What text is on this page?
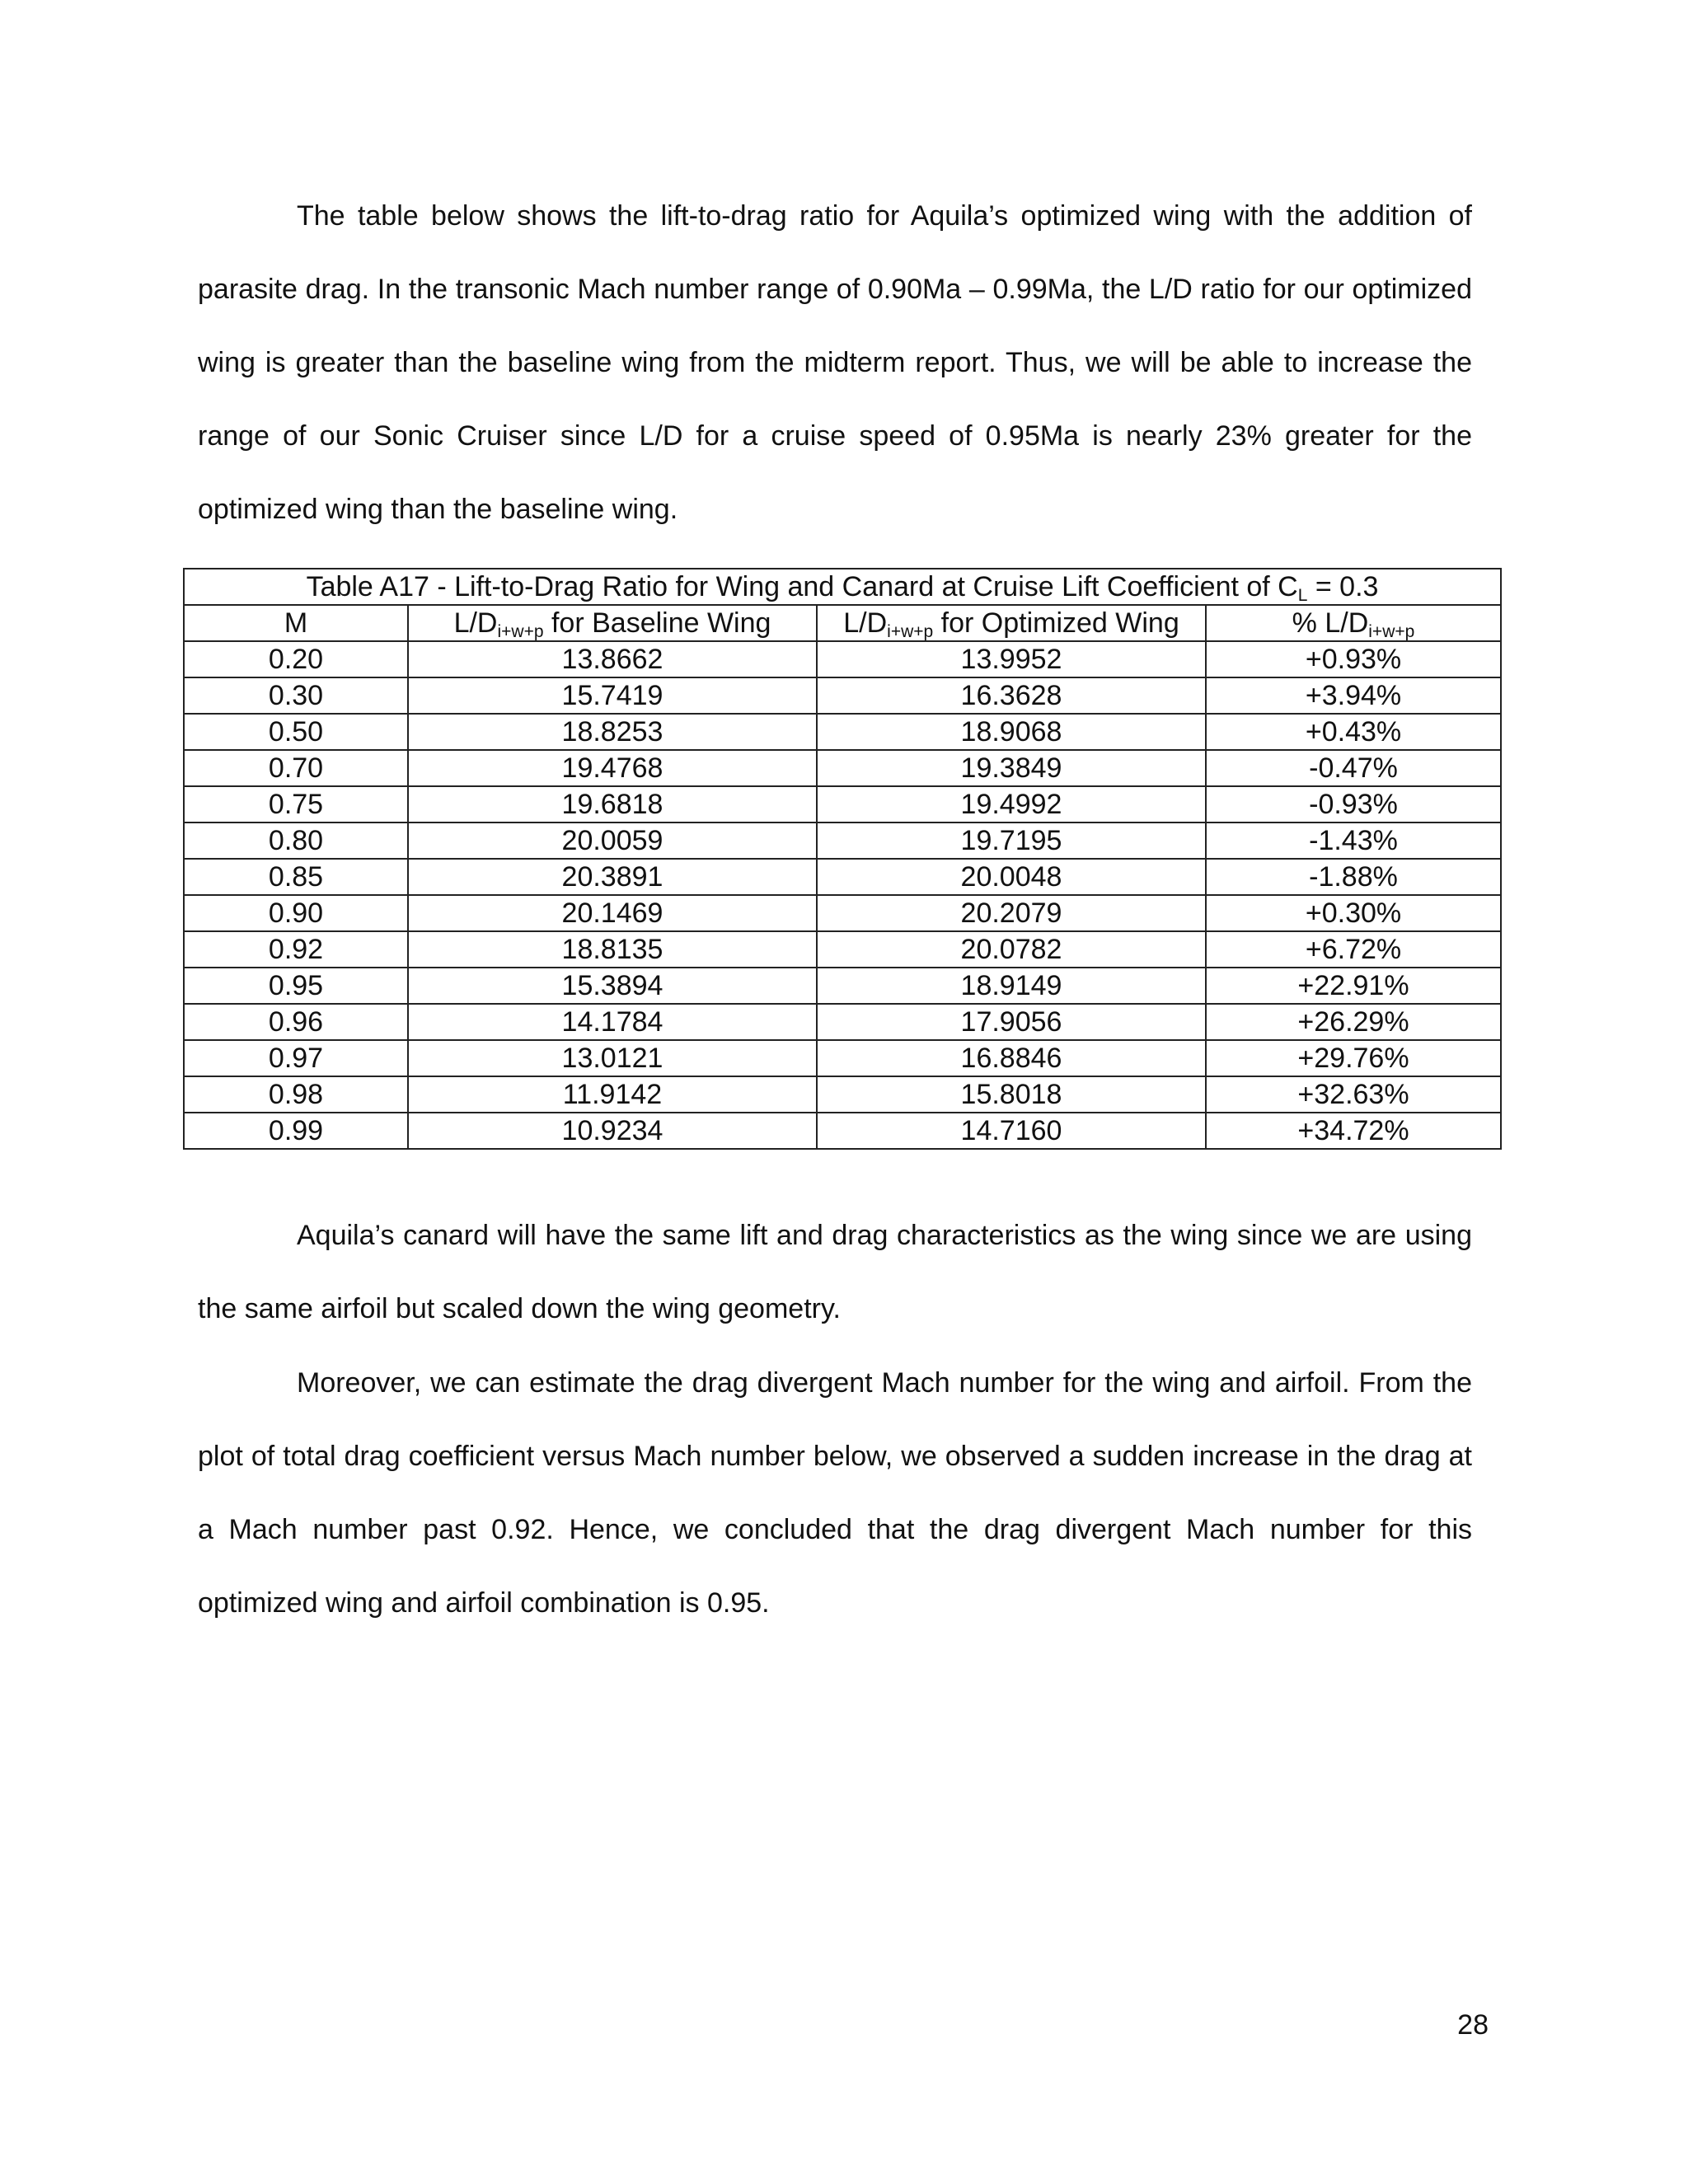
The table below shows the lift-to-drag ratio for Aquila’s optimized wing with the addition of parasite drag. In the transonic Mach number range of 0.90Ma – 0.99Ma, the L/D ratio for our optimized wing is greater than the baseline wing from the midterm report. Thus, we will be able to increase the range of our Sonic Cruiser since L/D for a cruise speed of 0.95Ma is nearly 23% greater for the optimized wing than the baseline wing.

Table A17 - Lift-to-Drag Ratio for Wing and Canard at Cruise Lift Coefficient of $C_L = 0.3$			
M	$L/D_{i+w+p}$ for Baseline Wing	$L/D_{i+w+p}$ for Optimized Wing	% $L/D_{i+w+p}$
0.20	13.8662	13.9952	+0.93%
0.30	15.7419	16.3628	+3.94%
0.50	18.8253	18.9068	+0.43%
0.70	19.4768	19.3849	-0.47%
0.75	19.6818	19.4992	-0.93%
0.80	20.0059	19.7195	-1.43%
0.85	20.3891	20.0048	-1.88%
0.90	20.1469	20.2079	+0.30%
0.92	18.8135	20.0782	+6.72%
0.95	15.3894	18.9149	+22.91%
0.96	14.1784	17.9056	+26.29%
0.97	13.0121	16.8846	+29.76%
0.98	11.9142	15.8018	+32.63%
0.99	10.9234	14.7160	+34.72%

Aquila’s canard will have the same lift and drag characteristics as the wing since we are using the same airfoil but scaled down the wing geometry.

Moreover, we can estimate the drag divergent Mach number for the wing and airfoil. From the plot of total drag coefficient versus Mach number below, we observed a sudden increase in the drag at a Mach number past 0.92. Hence, we concluded that the drag divergent Mach number for this optimized wing and airfoil combination is 0.95.

28
